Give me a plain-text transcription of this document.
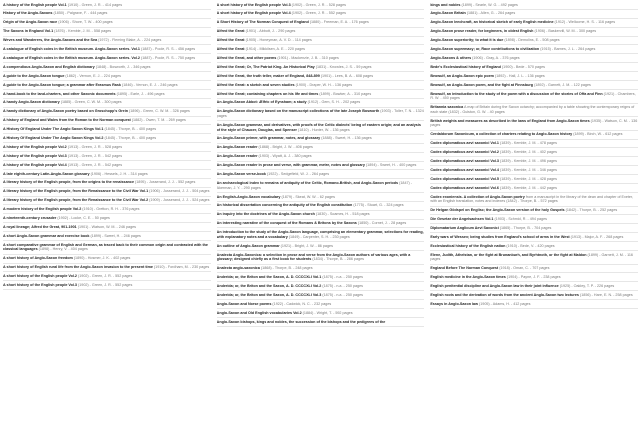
A history of the English people Vol.1 (1910) - Green, J. R. - 414 pages
History of the Anglo-Saxons (1850) - Palgrave, F. - 444 pages
Origin of the Anglo-Saxon race (1906) - Shore, T. W. - 400 pages
The Saxons in England Vol.1 (1876) - Kemble, J. M. - 558 pages
Weves and Wanderers, the Anglo-Saxons and the Sea (1972) - Fleming Blake, A. - 224 pages
A catalogue of English coins in the British museum. Anglo-Saxon series. Vol.1 (1887) - Poole, R. S. - 456 pages
A catalogue of English coins in the British museum. Anglo-Saxon series. Vol.2 (1887) - Poole, R. S. - 750 pages
A compendious Anglo-Saxon and English dictionary (1848) - Bosworth, J. - 346 pages
A guide to the Anglo-Saxon tongue (1862) - Vernon, E. J. - 224 pages
A guide to the Anglo-Saxon tongue; a grammar after Erasmus Rask (1846) - Vernon, E. J. - 246 pages
A hand-book to the land-charters, and other Saxonic documents (1895) - Earle, J. - 496 pages
A handy Anglo-Saxon dictionary (1885) - Green, C. W. M. - 300 pages
A handy dictionary of Anglo-Saxon poetry based on Groschopp's Grein (1896) - Green, C. W. M. - 326 pages
A history of England and Wales from the Roman to the Norman conquest (1882) - Owen, T. M. - 269 pages
A History Of England Under The Anglo Saxon Kings Vol.1 (1845) - Thorpe, B. - 400 pages
A History Of England Under The Anglo Saxon Kings Vol.2 (1845) - Thorpe, B. - 400 pages
A history of the English people Vol.2 (1913) - Green, J. R. - 528 pages
A history of the English people Vol.3 (1913) - Green, J. R. - 542 pages
A history of the English people Vol.4 (1913) - Green, J. R. - 542 pages
A late eighth-century Latin-Anglo-Saxon glossary (1906) - Hessels, J. H. - 314 pages
A literary history of the English people, from the origins to the renaissance (1895) - Jusserand, J. J. - 552 pages
A literary history of the English people, from the Renaissance to the Civil War Vol.1 (1906) - Jusserand, J. J. - 504 pages
A literary history of the English people, from the Renaissance to the Civil War Vol.2 (1909) - Jusserand, J. J. - 524 pages
A modern history of the English people Vol.2 (1910) - Gretton, R. H. - 376 pages
A nineteenth-century crusader (1902) - Locke, C. E. - 50 pages
A royal lineage; Alfred the Great, 901-1901 (1901) - Watson, W. M. - 246 pages
A short Anglo-Saxon grammar and exercise book (1899) - Sweet, H. - 246 pages
A short comparative grammar of English and German, as traced back to their common origin and contrasted with the classical languages (1898) - Henry, V. - 404 pages
A short history of Anglo-Saxon freedom (1890) - Hosmer, J. K. - 402 pages
A short history of English rural life from the Anglo-Saxon invasion to the present time (1910) - Fordham, M. - 230 pages
A short history of the English people Vol.2 (1902) - Green, J. R. - 552 pages
A short history of the English people Vol.3 (1902) - Green, J. R. - 552 pages
A short history of the English people Vol.3 (1902) - Green, J. R. - 528 pages
A short history of the English people Vol.4 (1902) - Green, J. R. - 552 pages
A Short History of The Norman Conquest of England (1880) - Freeman, E. A. - 176 pages
Alfred the Great (1901) - Abbott, J. - 290 pages
Alfred the Great (1905) - Honeyman, A. V. D. - 114 pages
Alfred the Great (1914) - Mikkilsen, A. E. - 220 pages
Alfred the Great, and other poems (1901) - Mackenzie, J. B. - 310 pages
Alfred the Great; Or, The Patriot King. An Historical Play (1831) - Knowles, J. S. - 59 pages
Alfred the Great, the truth teller, maker of England, 848-899 (1901) - Lees, B. A. - 608 pages
Alfred the Great: a sketch and seven studies (1900) - Draper, W. H. - 136 pages
Alfred the Great; containing chapters on his life and times (1899) - Bowker, A. - 310 pages
An Anglo-Saxon Abbot: Ælfric of Eynsham; a study (1912) - Gem, S. H. - 202 pages
An Anglo-Saxon dictionary based on the manuscript collections of the late Joseph Bosworth (1903) - Toller, T. N. - 1324 pages
An Anglo-Saxon grammar, and derivatives, with proofs of the Celtic dialects' being of eastern origin; and an analysis of the style of Chaucer, Douglas, and Spenser (1810) - Hunter, W. - 136 pages
An Anglo-Saxon primer, with grammar, notes, and glossary (1888) - Sweet, H. - 136 pages
An Anglo-Saxon reader (1868) - Bright, J. W. - 406 pages
An Anglo-Saxon reader (1903) - Wyatt, A. J. - 380 pages
An Anglo-Saxon reader in prose and verse, with grammar, metre, notes and glossary (1894) - Sweet, H. - 400 pages
An Anglo-Saxon verse-book (1922) - Sedgefield, W. J. - 264 pages
An archaeological index to remains of antiquity of the Celtic, Romano-British, and Anglo-Saxon periods (1847) - Akerman, J. Y. - 290 pages
An English-Anglo-Saxon vocabulary (1879) - Skeat, W. W. - 62 pages
An historical dissertation concerning the antiquity of the English constitution (1775) - Stuart, G. - 324 pages
An inquiry into the doctrines of the Anglo-Saxon church (1830) - Soames, H. - 518 pages
An interesting narrative of the conquest of the Romans & Britons by the Saxons (1850) - Cornet, J. - 28 pages
An introduction to the study of the Anglo-Saxon language, comprising an elementary grammar, selections for reading, with explanatory notes and a vocabulary (1849) - Carpenter, S. H. - 230 pages
An outline of Anglo-Saxon grammar (1921) - Bright, J. W. - 86 pages
Analecta Anglo-Saxonica: a selection in prose and verse from the Anglo-Saxon authors of various ages, with a glossary; designed chiefly as a first book for students (1834) - Thorpe, B. - 286 pages
Analecta anglo-saxonica (1868) - Thorpe, B. - 248 pages
Anderida; or, the Briton and the Saxon, A. D. CCCCXLI Vol.1 (1875) - n.a. - 250 pages
Anderida; or, the Briton and the Saxon, A. D. CCCCXLI Vol.2 (1875) - n.a. - 250 pages
Anderida; or, the Briton and the Saxon, A. D. CCCCXLI Vol.3 (1875) - n.a. - 250 pages
Anglo-Saxon and Norse poems (1922) - Cadwick, N. C. - 232 pages
Anglo-Saxon and Old English vocabularies Vol.2 (1884) - Wright, T. - 592 pages
Anglo-Saxon bishops, kings and nobles, the succession of the bishops and the pedigrees of the
kings and nobles (1899) - Searle, W. G. - 492 pages
Anglo-Saxon Britain (1881) - Allen, G. - 264 pages
Anglo-Saxon leechcraft, an historical sketch of early English medicine (1912) - Wellcome, H. S. - 116 pages
Anglo-Saxon prose reader, for beginners, in oldest English (1906) - Baskervill, W. M. - 300 pages
Anglo-Saxon superiority; to what it is due (1898) - Demolins, E. - 508 pages
Anglo-Saxon supremacy; or, Race contributions to civilization (1915) - Barnes, J. L. - 264 pages
Anglo-Saxons & others (1906) - Gray, A. - 376 pages
Bede's Ecclesiastical history of England (1900) - Bede - 570 pages
Beowulf, an Anglo-Saxon epic poem (1892) - Hall, J. L. - 136 pages
Beowulf, an Anglo-Saxon poem, and the fight at Finnsburg (1892) - Garnett, J. M. - 122 pages
Beowulf, an introduction to the study of the poem with a discussion of the stories of Offa and Finn (1921) - Chambers, R. W. - 450 pages
Britannia saxonica A map of Britain during the Saxon octarchy; accompanied by a table showing the contemporary reigns of each state (1832) - Gulston, G. W. - 40 pages
British weights and measures as described in the laws of England from Anglo-Saxon times (1935) - Watson, C. M. - 136 pages
Cerdaldorum Saxonicum, a collection of charters relating to Anglo-Saxon history (1899) - Birch, W. - 612 pages
Codex diplomaticus aevi saxonici Vol.1 (1839) - Kemble, J. M. - 478 pages
Codex diplomaticus aevi saxonici Vol.2 (1839) - Kemble, J. M. - 402 pages
Codex diplomaticus aevi saxonici Vol.3 (1839) - Kemble, J. M. - 496 pages
Codex diplomaticus aevi saxonici Vol.4 (1839) - Kemble, J. M. - 346 pages
Codex diplomaticus aevi saxonici Vol.5 (1839) - Kemble, J. M. - 428 pages
Codex diplomaticus aevi saxonici Vol.6 (1839) - Kemble, J. M. - 442 pages
Codex exoniensis. A collection of Anglo-Saxon poetry from a manuscript in the library of the dean and chapter of Exeter, with an English translation, notes and indexes (1842) - Thorpe, B. - 572 pages
De Helgan Gödspel on Englisc; the Anglo-Saxon version of the holy Gospels (1842) - Thorpe, B. - 252 pages
Die Gesetze der Angelsachsen Vol.1 (1903) - Schmid, R. - 494 pages
Diplomatarium Anglicum Aevi Saxonici (1865) - Thorpe, B. - 704 pages
Early wars of Wessex; being studies from England's school of arms in the West (1913) - Major, A. F. - 268 pages
Ecclesiastical history of the English nation (1910) - Bede, V. - 420 pages
Elene, Judith, Athelstan, or the fight at Brunanburh, and Byrhtnoth, or the fight at Maldon (1899) - Garnett, J. M. - 116 pages
England Before The Norman Conquest (1918) - Oman, C. - 707 pages
English medicine in the Anglo-Saxon times (1904) - Payne, J. F. - 238 pages
English penitential discipline and Anglo-Saxon law in their joint influence (1925) - Oakley, T. P. - 226 pages
English roots and the derivation of words from the ancient Anglo-Saxon two lectures (1856) - Hare, E. N. - 258 pages
Essays in Anglo-Saxon law (1905) - Adams, H. - 412 pages
